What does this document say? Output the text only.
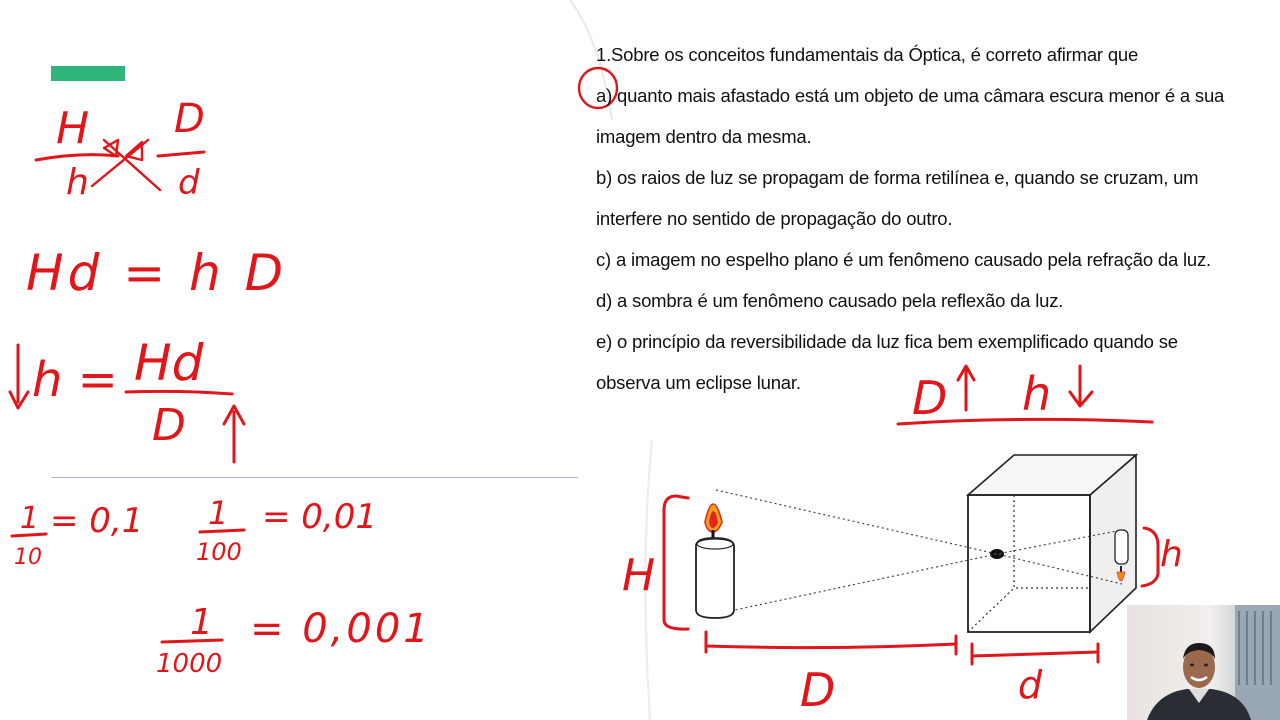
H
h
D
d
Hd = h D
h = Hd
D
1
10
= 0,1 1
100
= 0,01
1
1000
= 0,001
D h
H	h
D	d
1.Sobre os conceitos fundamentais da Óptica, é correto afirmar que
a) quanto mais afastado está um objeto de uma câmara escura menor é a sua
imagem dentro da mesma.
b) os raios de luz se propagam de forma retilínea e, quando se cruzam, um
interfere no sentido de propagação do outro.
c) a imagem no espelho plano é um fenômeno causado pela refração da luz.
d) a sombra é um fenômeno causado pela reflexão da luz.
e) o princípio da reversibilidade da luz fica bem exemplificado quando se
observa um eclipse lunar.
